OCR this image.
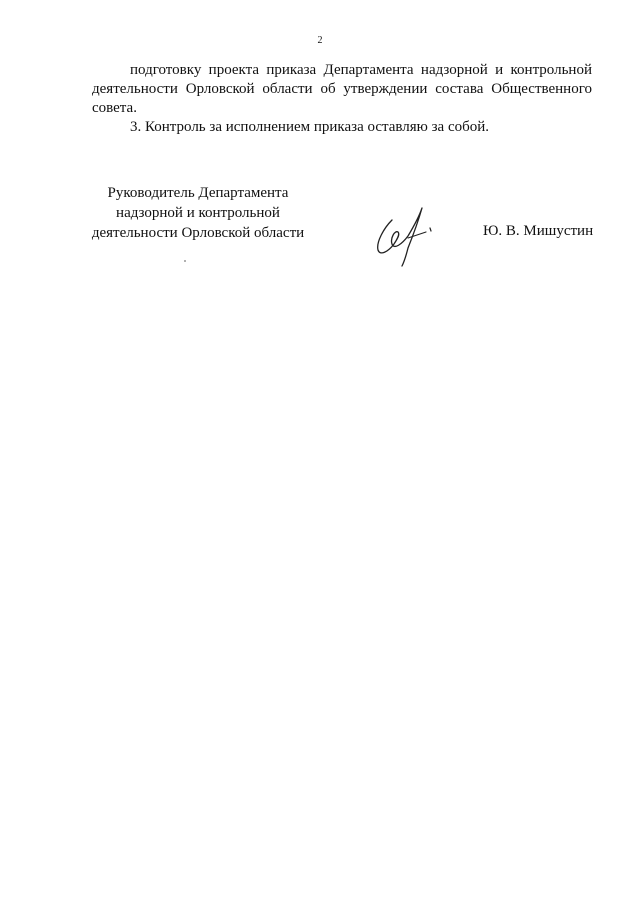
2

подготовку проекта приказа Департамента надзорной и контрольной деятельности Орловской области об утверждении состава Общественного совета.

3. Контроль за исполнением приказа оставляю за собой.

Руководитель Департамента
надзорной и контрольной
деятельности Орловской области	Ю. В. Мишустин
